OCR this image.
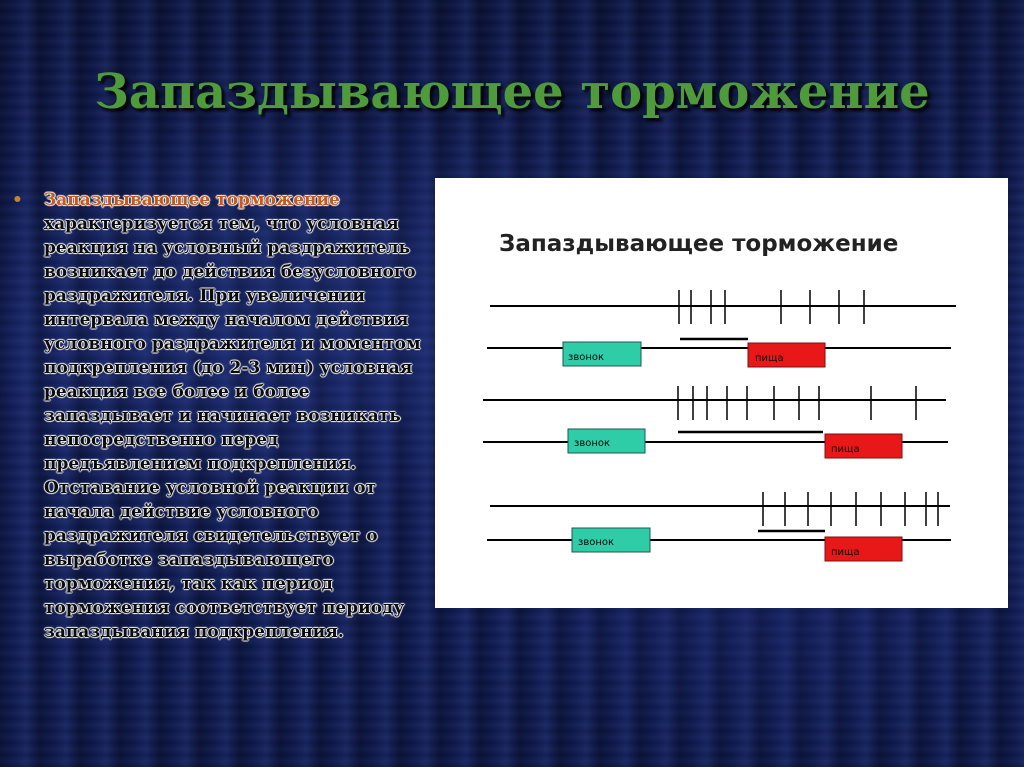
Запаздывающее торможение
•	Запаздывающее торможение характеризуется тем, что условная реакция на условный раздражитель возникает до действия безусловного раздражителя. При увеличении интервала между началом действия условного раздражителя и моментом подкрепления (до 2-3 мин) условная реакция все более и более запаздывает и начинает возникать непосредственно перед предъявлением подкрепления. Отставание условной реакции от начала действие условного раздражителя свидетельствует о выработке запаздывающего торможения, так как период торможения соответствует периоду запаздывания подкрепления.

Запаздывающее торможение
звонок	пища
звонок
пища
звонок
пища
